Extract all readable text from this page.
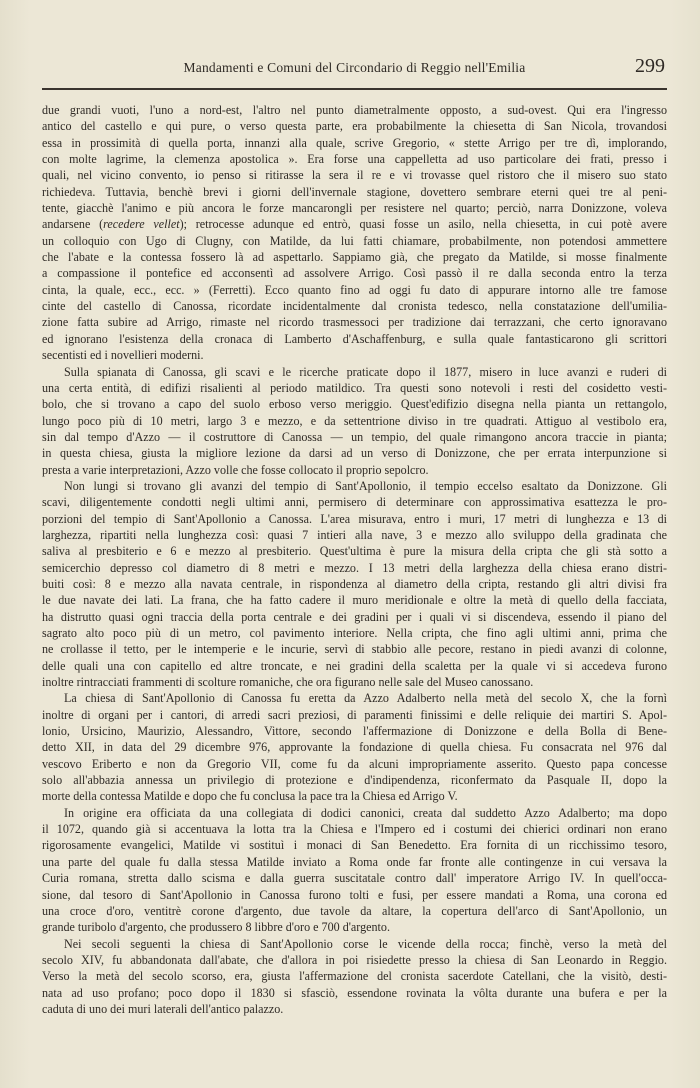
Mandamenti e Comuni del Circondario di Reggio nell'Emilia	299
due grandi vuoti, l'uno a nord-est, l'altro nel punto diametralmente opposto, a sud-ovest. Qui era l'ingresso
antico del castello e qui pure, o verso questa parte, era probabilmente la chiesetta di San Nicola, trovandosi
essa in prossimità di quella porta, innanzi alla quale, scrive Gregorio, « stette Arrigo per tre dì, implorando,
con molte lagrime, la clemenza apostolica ». Era forse una cappelletta ad uso particolare dei frati, presso i
quali, nel vicino convento, io penso si ritirasse la sera il re e vi trovasse quel ristoro che il misero suo stato
richiedeva. Tuttavia, benchè brevi i giorni dell'invernale stagione, dovettero sembrare eterni quei tre al peni-
tente, giacchè l'animo e più ancora le forze mancarongli per resistere nel quarto; perciò, narra Donizzone, voleva
andarsene (recedere vellet); retrocesse adunque ed entrò, quasi fosse un asilo, nella chiesetta, in cui potè avere
un colloquio con Ugo di Clugny, con Matilde, da lui fatti chiamare, probabilmente, non potendosi ammettere
che l'abate e la contessa fossero là ad aspettarlo. Sappiamo già, che pregato da Matilde, si mosse finalmente
a compassione il pontefice ed acconsentì ad assolvere Arrigo. Così passò il re dalla seconda entro la terza
cinta, la quale, ecc., ecc. » (Ferretti). Ecco quanto fino ad oggi fu dato di appurare intorno alle tre famose
cinte del castello di Canossa, ricordate incidentalmente dal cronista tedesco, nella constatazione dell'umilia-
zione fatta subire ad Arrigo, rimaste nel ricordo trasmessoci per tradizione dai terrazzani, che certo ignoravano
ed ignorano l'esistenza della cronaca di Lamberto d'Aschaffenburg, e sulla quale fantasticarono gli scrittori
secentisti ed i novellieri moderni.
Sulla spianata di Canossa, gli scavi e le ricerche praticate dopo il 1877, misero in luce avanzi e ruderi di
una certa entità, di edifizi risalienti al periodo matildico. Tra questi sono notevoli i resti del cosidetto vesti-
bolo, che si trovano a capo del suolo erboso verso meriggio. Quest'edifizio disegna nella pianta un rettangolo,
lungo poco più di 10 metri, largo 3 e mezzo, e da settentrione diviso in tre quadrati. Attiguo al vestibolo era,
sin dal tempo d'Azzo — il costruttore di Canossa — un tempio, del quale rimangono ancora traccie in pianta;
in questa chiesa, giusta la migliore lezione da darsi ad un verso di Donizzone, che per errata interpunzione si
presta a varie interpretazioni, Azzo volle che fosse collocato il proprio sepolcro.
Non lungi si trovano gli avanzi del tempio di Sant'Apollonio, il tempio eccelso esaltato da Donizzone. Gli
scavi, diligentemente condotti negli ultimi anni, permisero di determinare con approssimativa esattezza le pro-
porzioni del tempio di Sant'Apollonio a Canossa. L'area misurava, entro i muri, 17 metri di lunghezza e 13 di
larghezza, ripartiti nella lunghezza così: quasi 7 intieri alla nave, 3 e mezzo allo sviluppo della gradinata che
saliva al presbiterio e 6 e mezzo al presbiterio. Quest'ultima è pure la misura della cripta che gli stà sotto a
semicerchio depresso col diametro di 8 metri e mezzo. I 13 metri della larghezza della chiesa erano distri-
buiti così: 8 e mezzo alla navata centrale, in rispondenza al diametro della cripta, restando gli altri divisi fra
le due navate dei lati. La frana, che ha fatto cadere il muro meridionale e oltre la metà di quello della facciata,
ha distrutto quasi ogni traccia della porta centrale e dei gradini per i quali vi si discendeva, essendo il piano del
sagrato alto poco più di un metro, col pavimento interiore. Nella cripta, che fino agli ultimi anni, prima che
ne crollasse il tetto, per le intemperie e le incurie, servì di stabbio alle pecore, restano in piedi avanzi di colonne,
delle quali una con capitello ed altre troncate, e nei gradini della scaletta per la quale vi si accedeva furono
inoltre rintracciati frammenti di scolture romaniche, che ora figurano nelle sale del Museo canossano.
La chiesa di Sant'Apollonio di Canossa fu eretta da Azzo Adalberto nella metà del secolo X, che la fornì
inoltre di organi per i cantori, di arredi sacri preziosi, di paramenti finissimi e delle reliquie dei martiri S. Apol-
lonio, Ursicino, Maurizio, Alessandro, Vittore, secondo l'affermazione di Donizzone e della Bolla di Bene-
detto XII, in data del 29 dicembre 976, approvante la fondazione di quella chiesa. Fu consacrata nel 976 dal
vescovo Eriberto e non da Gregorio VII, come fu da alcuni impropriamente asserito. Questo papa concesse
solo all'abbazia annessa un privilegio di protezione e d'indipendenza, riconfermato da Pasquale II, dopo la
morte della contessa Matilde e dopo che fu conclusa la pace tra la Chiesa ed Arrigo V.
In origine era officiata da una collegiata di dodici canonici, creata dal suddetto Azzo Adalberto; ma dopo
il 1072, quando già si accentuava la lotta tra la Chiesa e l'Impero ed i costumi dei chierici ordinari non erano
rigorosamente evangelici, Matilde vi sostituì i monaci di San Benedetto. Era fornita di un ricchissimo tesoro,
una parte del quale fu dalla stessa Matilde inviato a Roma onde far fronte alle contingenze in cui versava la
Curia romana, stretta dallo scisma e dalla guerra suscitatale contro dall' imperatore Arrigo IV. In quell'occa-
sione, dal tesoro di Sant'Apollonio in Canossa furono tolti e fusi, per essere mandati a Roma, una corona ed
una croce d'oro, ventitrè corone d'argento, due tavole da altare, la copertura dell'arco di Sant'Apollonio, un
grande turibolo d'argento, che produssero 8 libbre d'oro e 700 d'argento.
Nei secoli seguenti la chiesa di Sant'Apollonio corse le vicende della rocca; finchè, verso la metà del
secolo XIV, fu abbandonata dall'abate, che d'allora in poi risiedette presso la chiesa di San Leonardo in Reggio.
Verso la metà del secolo scorso, era, giusta l'affermazione del cronista sacerdote Catellani, che la visitò, desti-
nata ad uso profano; poco dopo il 1830 si sfasciò, essendone rovinata la vôlta durante una bufera e per la
caduta di uno dei muri laterali dell'antico palazzo.
